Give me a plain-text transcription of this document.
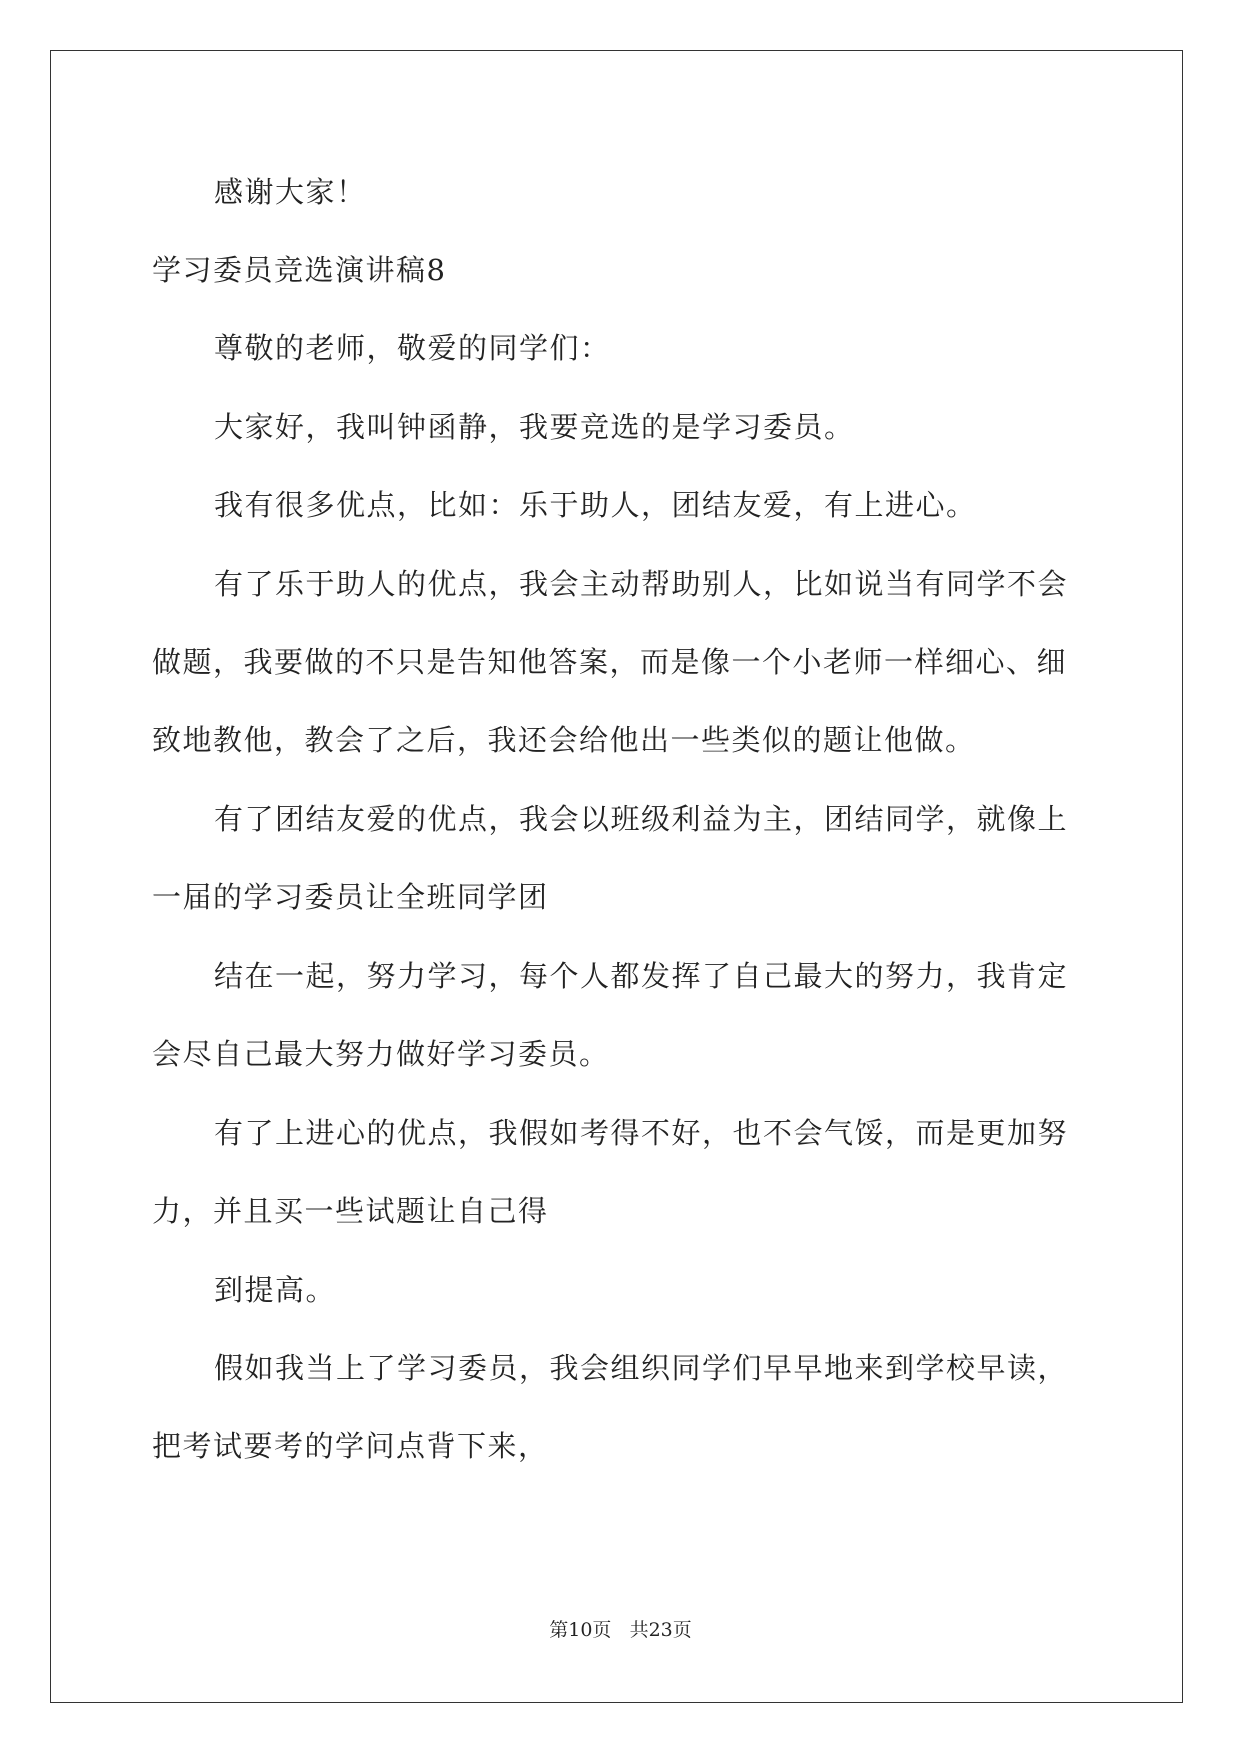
感谢大家！
学习委员竞选演讲稿8
尊敬的老师，敬爱的同学们：
大家好，我叫钟函静，我要竞选的是学习委员。
我有很多优点，比如：乐于助人，团结友爱，有上进心。
有了乐于助人的优点，我会主动帮助别人，比如说当有同学不会
做题，我要做的不只是告知他答案，而是像一个小老师一样细心、细
致地教他，教会了之后，我还会给他出一些类似的题让他做。
有了团结友爱的优点，我会以班级利益为主，团结同学，就像上
一届的学习委员让全班同学团
结在一起，努力学习，每个人都发挥了自己最大的努力，我肯定
会尽自己最大努力做好学习委员。
有了上进心的优点，我假如考得不好，也不会气馁，而是更加努
力，并且买一些试题让自己得
到提高。
假如我当上了学习委员，我会组织同学们早早地来到学校早读，
把考试要考的学问点背下来，
第10页 共23页
